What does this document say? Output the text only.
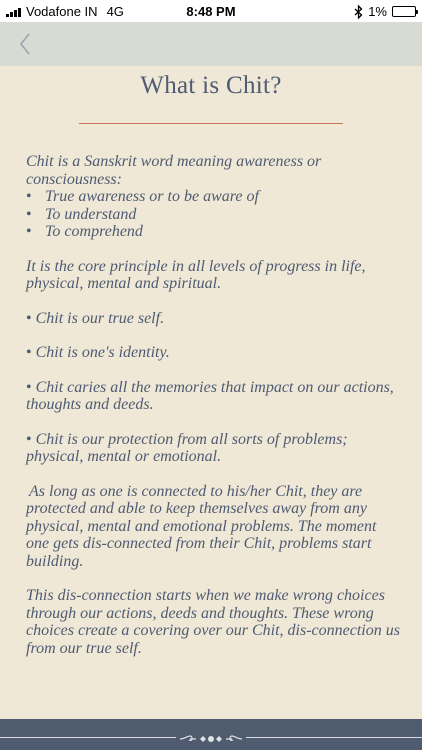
Vodafone IN 4G	8:48 PM	1%
What is Chit?

Chit is a Sanskrit word meaning awareness or consciousness:

• True awareness or to be aware of

• To understand

• To comprehend

It is the core principle in all levels of progress in life, physical, mental and spiritual.

• Chit is our true self.

• Chit is one's identity.

• Chit caries all the memories that impact on our actions, thoughts and deeds.

• Chit is our protection from all sorts of problems; physical, mental or emotional.

As long as one is connected to his/her Chit, they are protected and able to keep themselves away from any physical, mental and emotional problems. The moment one gets dis-connected from their Chit, problems start building.

This dis-connection starts when we make wrong choices through our actions, deeds and thoughts. These wrong choices create a covering over our Chit, dis-connection us from our true self.
